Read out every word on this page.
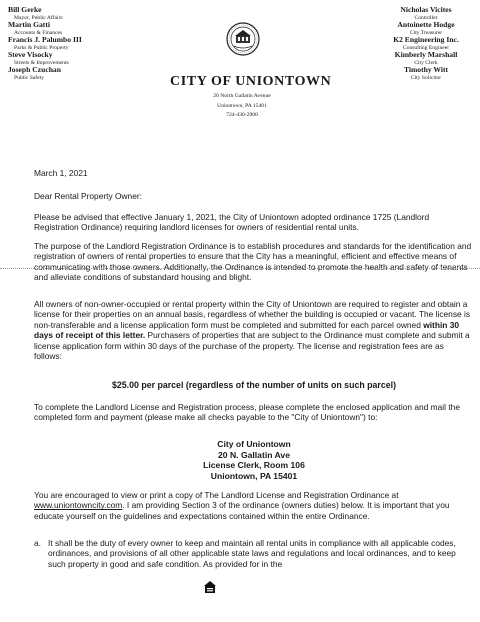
Bill Gerke
Mayor, Public Affairs
Martin Gatti
Accounts & Finances
Francis J. Palumbo III
Parks & Public Property
Steve Visocky
Streets & Improvements
Joseph Czuchan
Public Safety
Nicholas Vicites
Controller
Antoinette Hodge
City Treasurer
K2 Engineering Inc.
Consulting Engineer
Kimberly Marshall
City Clerk
Timothy Witt
City Solicitor
CITY OF UNIONTOWN
20 North Gallatin Avenue
Uniontown, PA 15401
724-430-2900
March 1, 2021
Dear Rental Property Owner:
Please be advised that effective January 1, 2021, the City of Uniontown adopted ordinance 1725 (Landlord Registration Ordinance) requiring landlord licenses for owners of residential rental units.
The purpose of the Landlord Registration Ordinance is to establish procedures and standards for the identification and registration of owners of rental properties to ensure that the City has a meaningful, efficient and effective means of communicating with those owners. Additionally, the Ordinance is intended to promote the health and safety of tenants and alleviate conditions of substandard housing and blight.
All owners of non-owner-occupied or rental property within the City of Uniontown are required to register and obtain a license for their properties on an annual basis, regardless of whether the building is occupied or vacant. The license is non-transferable and a license application form must be completed and submitted for each parcel owned within 30 days of receipt of this letter. Purchasers of properties that are subject to the Ordinance must complete and submit a license application form within 30 days of the purchase of the property. The license and registration fees are as follows:
$25.00 per parcel (regardless of the number of units on such parcel)
To complete the Landlord License and Registration process, please complete the enclosed application and mail the completed form and payment (please make all checks payable to the "City of Uniontown") to:
City of Uniontown
20 N. Gallatin Ave
License Clerk, Room 106
Uniontown, PA 15401
You are encouraged to view or print a copy of The Landlord License and Registration Ordinance at www.uniontowncity.com. I am providing Section 3 of the ordinance (owners duties) below. It is important that you educate yourself on the guidelines and expectations contained within the entire Ordinance.
a. It shall be the duty of every owner to keep and maintain all rental units in compliance with all applicable codes, ordinances, and provisions of all other applicable state laws and regulations and local ordinances, and to keep such property in good and safe condition. As provided for in the
